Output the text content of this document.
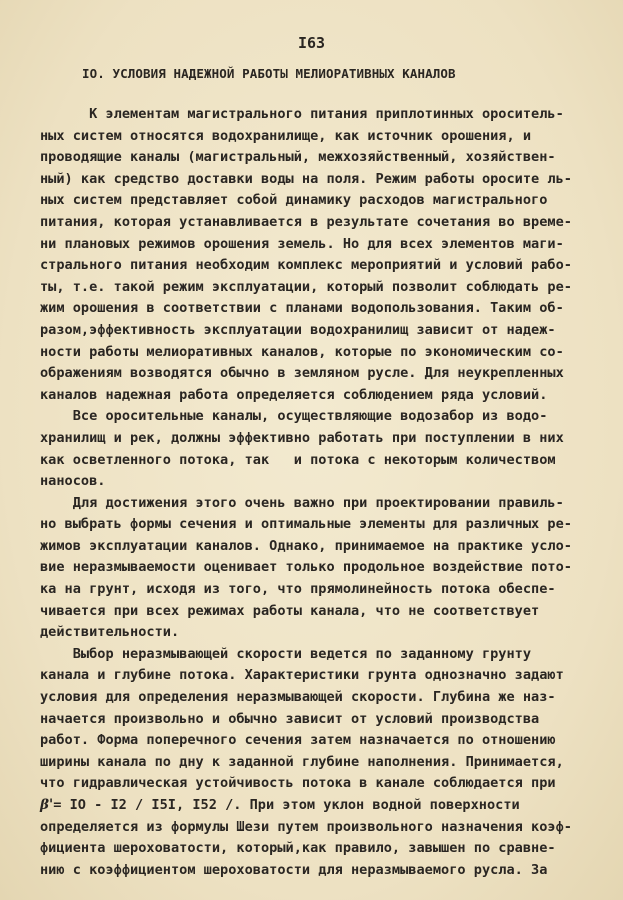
I63
IO. УСЛОВИЯ НАДЕЖНОЙ РАБОТЫ МЕЛИОРАТИВНЫХ КАНАЛОВ
К элементам магистрального питания приплотинных ороситель-
ных систем относятся водохранилище, как источник орошения, и
проводящие каналы (магистральный, межхозяйственный, хозяйствен-
ный) как средство доставки воды на поля. Режим работы оросите ль-
ных систем представляет собой динамику расходов магистрального
питания, которая устанавливается в результате сочетания во време-
ни плановых режимов орошения земель. Но для всех элементов маги-
стрального питания необходим комплекс мероприятий и условий рабо-
ты, т.е. такой режим эксплуатации, который позволит соблюдать ре-
жим орошения в соответствии с планами водопользования. Таким об-
разом,эффективность эксплуатации водохранилищ зависит от надеж-
ности работы мелиоративных каналов, которые по экономическим со-
ображениям возводятся обычно в земляном русле. Для неукрепленных
каналов надежная работа определяется соблюдением ряда условий.
Все оросительные каналы, осуществляющие водозабор из водо-
хранилищ и рек, должны эффективно работать при поступлении в них
как осветленного потока, так   и потока с некоторым количеством
наносов.
Для достижения этого очень важно при проектировании правиль-
но выбрать формы сечения и оптимальные элементы для различных ре-
жимов эксплуатации каналов. Однако, принимаемое на практике усло-
вие неразмываемости оценивает только продольное воздействие пото-
ка на грунт, исходя из того, что прямолинейность потока обеспе-
чивается при всех режимах работы канала, что не соответствует
действительности.
Выбор неразмывающей скорости ведется по заданному грунту
канала и глубине потока. Характеристики грунта однозначно задают
условия для определения неразмывающей скорости. Глубина же наз-
начается произвольно и обычно зависит от условий производства
работ. Форма поперечного сечения затем назначается по отношению
ширины канала по дну к заданной глубине наполнения. Принимается,
что гидравлическая устойчивость потока в канале соблюдается при
β'= IO - I2 / I5I, I52 /. При этом уклон водной поверхности
определяется из формулы Шези путем произвольного назначения коэф-
фициента шероховатости, который,как правило, завышен по сравне-
нию с коэффициентом шероховатости для неразмываемого русла. За
